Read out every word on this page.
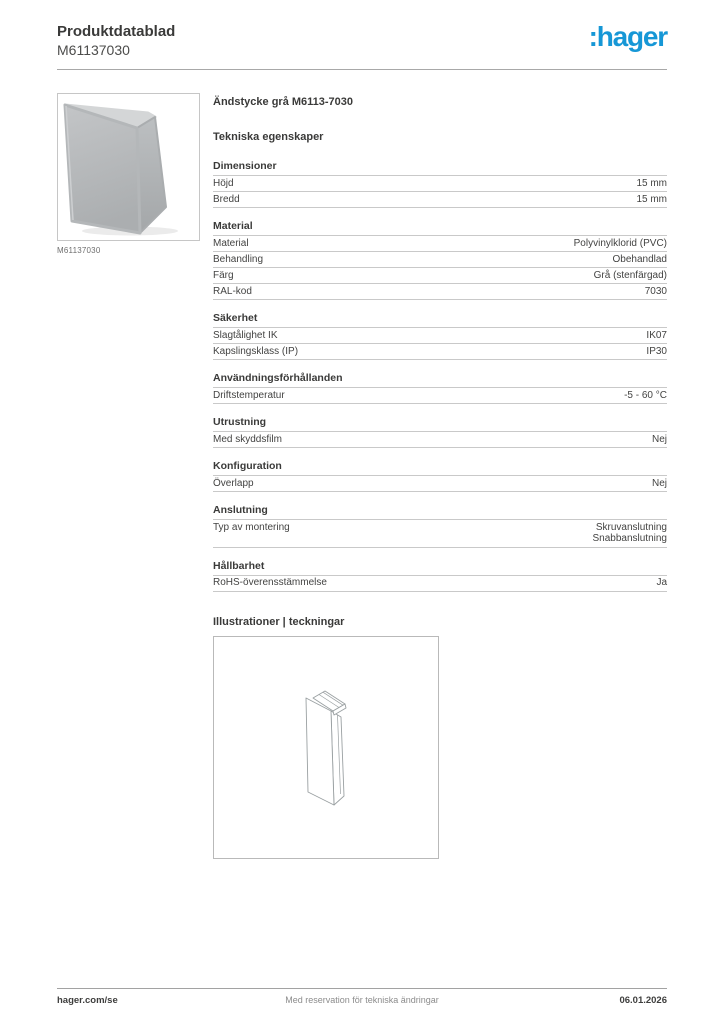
Produktdatablad
M61137030	:hager
M61137030
Ändstycke grå M6113-7030
Tekniska egenskaper
Dimensioner
Höjd	15 mm
Bredd	15 mm
Material
Material	Polyvinylklorid (PVC)
Behandling	Obehandlad
Färg	Grå (stenfärgad)
RAL-kod	7030
Säkerhet
Slagtålighet IK	IK07
Kapslingsklass (IP)	IP30
Användningsförhållanden
Driftstemperatur	-5 - 60 °C
Utrustning
Med skyddsfilm	Nej
Konfiguration
Överlapp	Nej
Anslutning
Typ av montering	Skruvanslutning
Snabbanslutning
Hållbarhet
RoHS-överensstämmelse	Ja
Illustrationer | teckningar
hager.com/se	Med reservation för tekniska ändringar	06.01.2026
